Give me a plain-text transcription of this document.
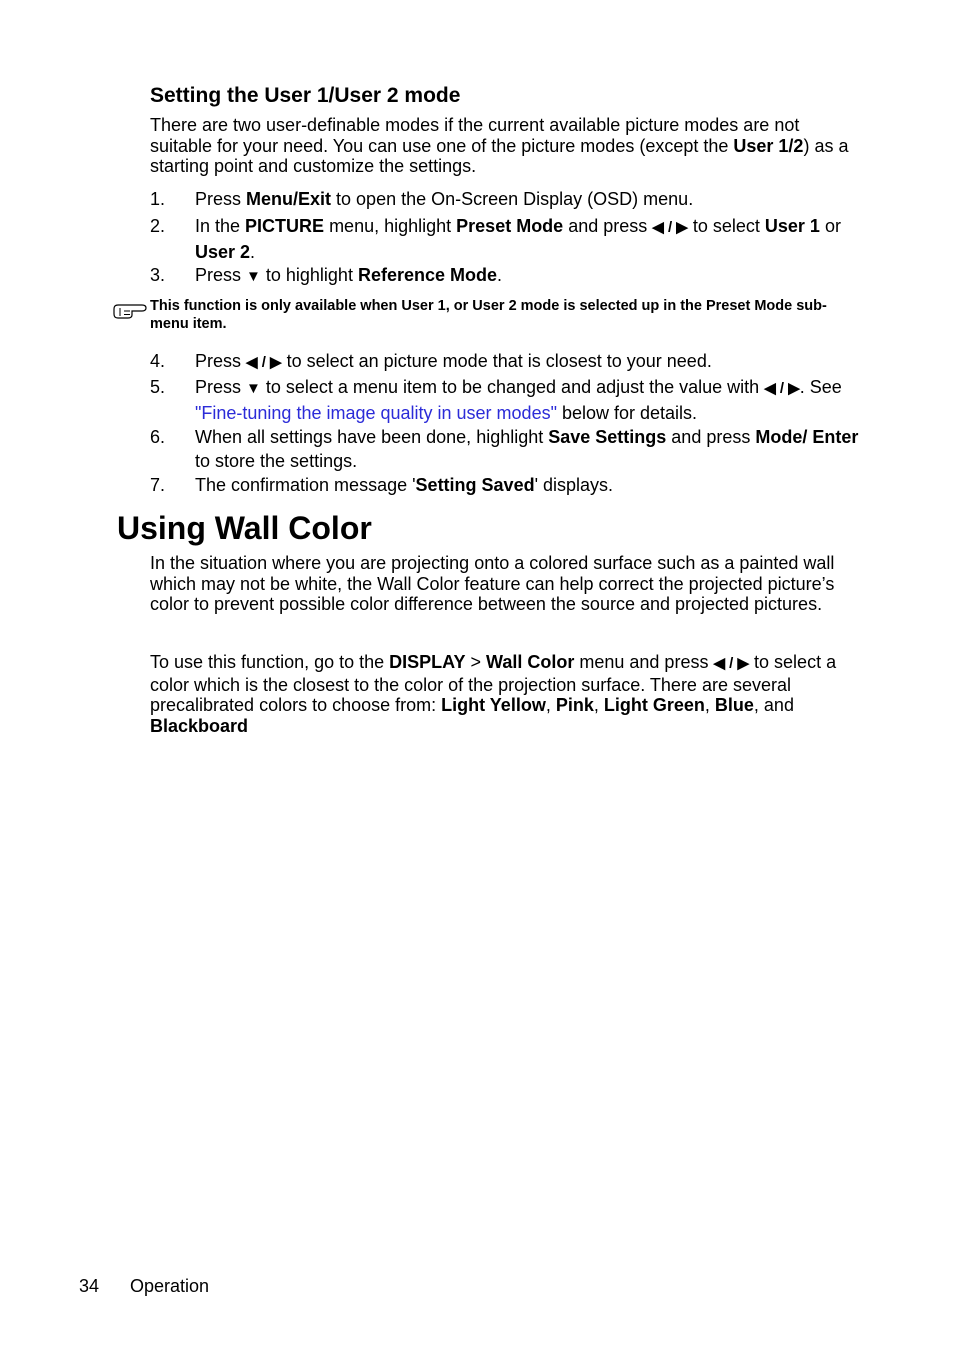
Setting the User 1/User 2 mode
There are two user-definable modes if the current available picture modes are not suitable for your need. You can use one of the picture modes (except the User 1/2) as a starting point and customize the settings.
1. Press Menu/Exit to open the On-Screen Display (OSD) menu.
2. In the PICTURE menu, highlight Preset Mode and press ◀ / ▶ to select User 1 or User 2.
3. Press ▼ to highlight Reference Mode.
This function is only available when User 1, or User 2 mode is selected up in the Preset Mode sub-menu item.
4. Press ◀ / ▶ to select an picture mode that is closest to your need.
5. Press ▼ to select a menu item to be changed and adjust the value with ◀ / ▶. See "Fine-tuning the image quality in user modes" below for details.
6. When all settings have been done, highlight Save Settings and press Mode/ Enter to store the settings.
7. The confirmation message 'Setting Saved' displays.
Using Wall Color
In the situation where you are projecting onto a colored surface such as a painted wall which may not be white, the Wall Color feature can help correct the projected picture’s color to prevent possible color difference between the source and projected pictures.
To use this function, go to the DISPLAY > Wall Color menu and press ◀ / ▶ to select a color which is the closest to the color of the projection surface. There are several precalibrated colors to choose from: Light Yellow, Pink, Light Green, Blue, and Blackboard
34 Operation
